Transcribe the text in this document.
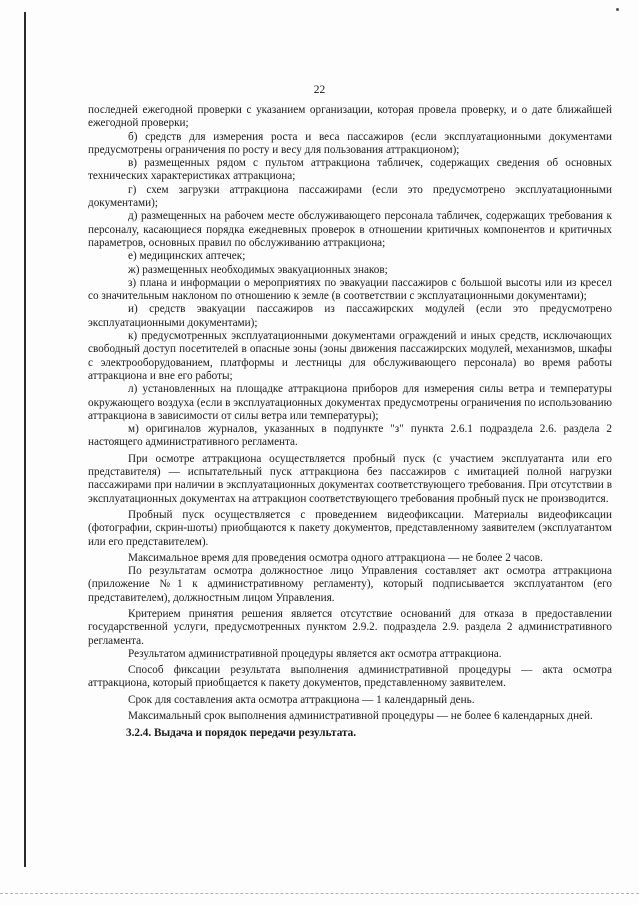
22

последней ежегодной проверки с указанием организации, которая провела проверку, и о дате ближайшей ежегодной проверки;

б) средств для измерения роста и веса пассажиров (если эксплуатационными документами предусмотрены ограничения по росту и весу для пользования аттракционом);

в) размещенных рядом с пультом аттракциона табличек, содержащих сведения об основных технических характеристиках аттракциона;

г) схем загрузки аттракциона пассажирами (если это предусмотрено эксплуатационными документами);

д) размещенных на рабочем месте обслуживающего персонала табличек, содержащих требования к персоналу, касающиеся порядка ежедневных проверок в отношении критичных компонентов и критичных параметров, основных правил по обслуживанию аттракциона;

е) медицинских аптечек;

ж) размещенных необходимых эвакуационных знаков;

з) плана и информации о мероприятиях по эвакуации пассажиров с большой высоты или из кресел со значительным наклоном по отношению к земле (в соответствии с эксплуатационными документами);

и) средств эвакуации пассажиров из пассажирских модулей (если это предусмотрено эксплуатационными документами);

к) предусмотренных эксплуатационными документами ограждений и иных средств, исключающих свободный доступ посетителей в опасные зоны (зоны движения пассажирских модулей, механизмов, шкафы с электрооборудованием, платформы и лестницы для обслуживающего персонала) во время работы аттракциона и вне его работы;

л) установленных на площадке аттракциона приборов для измерения силы ветра и температуры окружающего воздуха (если в эксплуатационных документах предусмотрены ограничения по использованию аттракциона в зависимости от силы ветра или температуры);

м) оригиналов журналов, указанных в подпункте "з" пункта 2.6.1 подраздела 2.6. раздела 2 настоящего административного регламента.

При осмотре аттракциона осуществляется пробный пуск (с участием эксплуатанта или его представителя) — испытательный пуск аттракциона без пассажиров с имитацией полной нагрузки пассажирами при наличии в эксплуатационных документах соответствующего требования. При отсутствии в эксплуатационных документах на аттракцион соответствующего требования пробный пуск не производится.

Пробный пуск осуществляется с проведением видеофиксации. Материалы видеофиксации (фотографии, скрин-шоты) приобщаются к пакету документов, представленному заявителем (эксплуатантом или его представителем).

Максимальное время для проведения осмотра одного аттракциона — не более 2 часов.

По результатам осмотра должностное лицо Управления составляет акт осмотра аттракциона (приложение №1 к административному регламенту), который подписывается эксплуатантом (его представителем), должностным лицом Управления.

Критерием принятия решения является отсутствие оснований для отказа в предоставлении государственной услуги, предусмотренных пунктом 2.9.2. подраздела 2.9. раздела 2 административного регламента.

Результатом административной процедуры является акт осмотра аттракциона.

Способ фиксации результата выполнения административной процедуры — акта осмотра аттракциона, который приобщается к пакету документов, представленному заявителем.

Срок для составления акта осмотра аттракциона — 1 календарный день.

Максимальный срок выполнения административной процедуры — не более 6 календарных дней.

3.2.4. Выдача и порядок передачи результата.
